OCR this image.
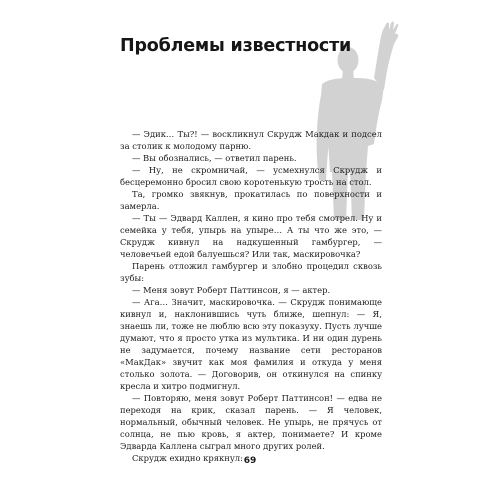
Проблемы известности

— Эдик… Ты?! — воскликнул Скрудж Макдак и подсел за столик к молодому парню.

— Вы обознались, — ответил парень.

— Ну, не скромничай, — усмехнулся Скрудж и бесцеремонно бросил свою коротенькую трость на стол.

Та, громко звякнув, прокатилась по поверхности и замерла.

— Ты — Эдвард Каллен, я кино про тебя смотрел. Ну и семейка у тебя, упырь на упыре… А ты что же это, — Скрудж кивнул на надкушенный гамбургер, — человечьей едой балуешься? Или так, маскировочка?

Парень отложил гамбургер и злобно процедил сквозь зубы:

— Меня зовут Роберт Паттинсон, я — актер.

— Ага… Значит, маскировочка. — Скрудж понимающе кивнул и, наклонившись чуть ближе, шепнул: — Я, знаешь ли, тоже не люблю всю эту показуху. Пусть лучше думают, что я просто утка из мультика. И ни один дурень не задумается, почему название сети ресторанов «МакДак» звучит как моя фамилия и откуда у меня столько золота. — Договорив, он откинулся на спинку кресла и хитро подмигнул.

— Повторяю, меня зовут Роберт Паттинсон! — едва не переходя на крик, сказал парень. — Я человек, нормальный, обычный человек. Не упырь, не прячусь от солнца, не пью кровь, я актер, понимаете? И кроме Эдварда Каллена сыграл много других ролей.

Скрудж ехидно крякнул: 69
